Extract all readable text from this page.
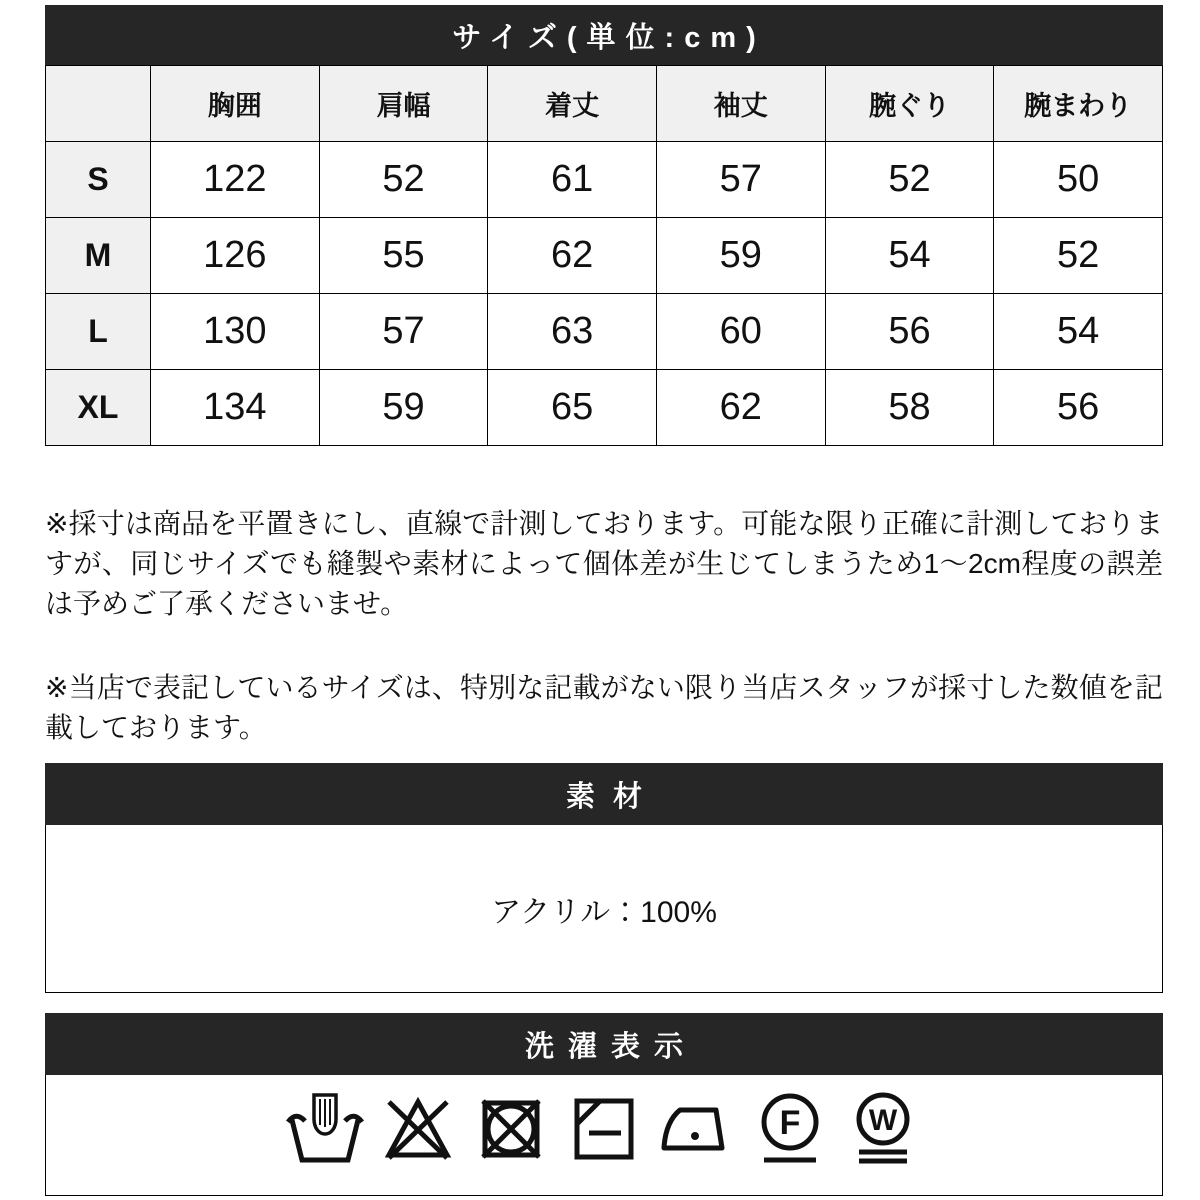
サイズ(単位:cm)
	胸囲	肩幅	着丈	袖丈	腕ぐり	腕まわり
S	122	52	61	57	52	50
M	126	55	62	59	54	52
L	130	57	63	60	56	54
XL	134	59	65	62	58	56

※採寸は商品を平置きにし、直線で計測しております。可能な限り正確に計測しておりますが、同じサイズでも縫製や素材によって個体差が生じてしまうため1〜2cm程度の誤差は予めご了承くださいませ。

※当店で表記しているサイズは、特別な記載がない限り当店スタッフが採寸した数値を記載しております。

素材
アクリル：100%
洗濯表示
F W
